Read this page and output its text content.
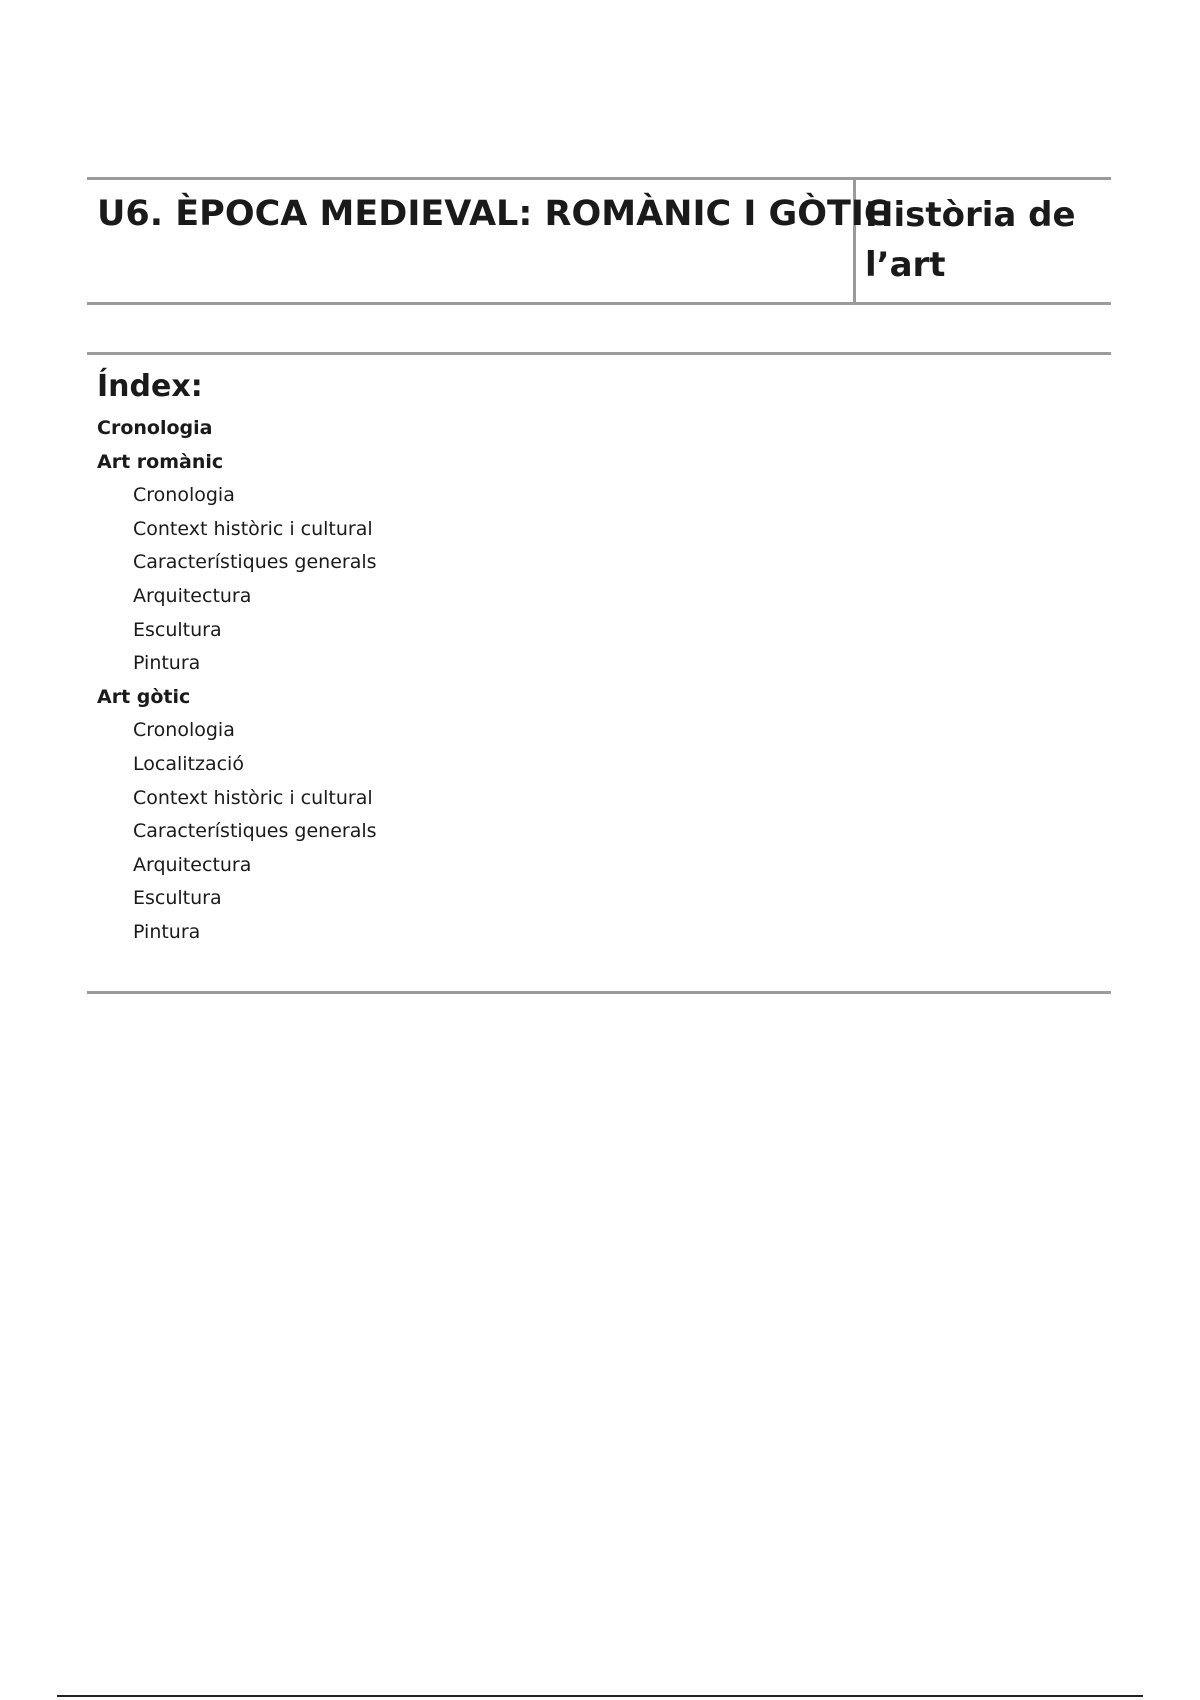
U6. ÈPOCA MEDIEVAL: ROMÀNIC I GÒTIC
Història de
l’art
Índex:
Cronologia
Art romànic
Cronologia
Context històric i cultural
Característiques generals
Arquitectura
Escultura
Pintura
Art gòtic
Cronologia
Localització
Context històric i cultural
Característiques generals
Arquitectura
Escultura
Pintura
